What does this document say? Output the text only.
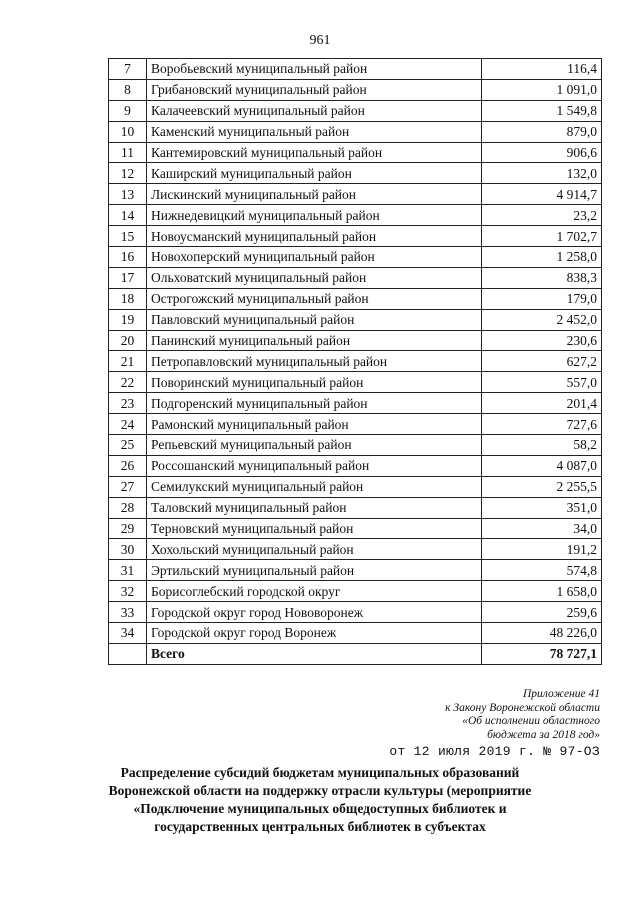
961
7	Воробьевский муниципальный район	116,4
8	Грибановский муниципальный район	1 091,0
9	Калачеевский муниципальный район	1 549,8
10	Каменский муниципальный район	879,0
11	Кантемировский муниципальный район	906,6
12	Каширский муниципальный район	132,0
13	Лискинский муниципальный район	4 914,7
14	Нижнедевицкий муниципальный район	23,2
15	Новоусманский муниципальный район	1 702,7
16	Новохоперский муниципальный район	1 258,0
17	Ольховатский муниципальный район	838,3
18	Острогожский муниципальный район	179,0
19	Павловский муниципальный район	2 452,0
20	Панинский муниципальный район	230,6
21	Петропавловский муниципальный район	627,2
22	Поворинский муниципальный район	557,0
23	Подгоренский муниципальный район	201,4
24	Рамонский муниципальный район	727,6
25	Репьевский муниципальный район	58,2
26	Россошанский муниципальный район	4 087,0
27	Семилукский муниципальный район	2 255,5
28	Таловский муниципальный район	351,0
29	Терновский муниципальный район	34,0
30	Хохольский муниципальный район	191,2
31	Эртильский муниципальный район	574,8
32	Борисоглебский городской округ	1 658,0
33	Городской округ город Нововоронеж	259,6
34	Городской округ город Воронеж	48 226,0
	Всего	78 727,1
Приложение 41
к Закону Воронежской области
«Об исполнении областного
бюджета за 2018 год»
от 12 июля 2019 г. № 97-ОЗ
Распределение субсидий бюджетам муниципальных образований
Воронежской области на поддержку отрасли культуры (мероприятие
«Подключение муниципальных общедоступных библиотек и
государственных центральных библиотек в субъектах
